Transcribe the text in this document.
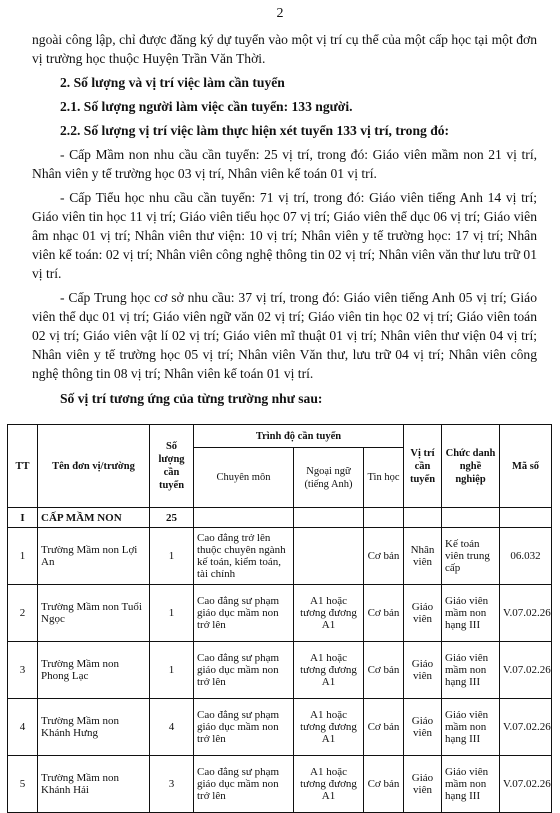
2

ngoài công lập, chỉ được đăng ký dự tuyển vào một vị trí cụ thể của một cấp học tại một đơn vị trường học thuộc Huyện Trần Văn Thời.

2. Số lượng và vị trí việc làm cần tuyển

2.1. Số lượng người làm việc cần tuyển: 133 người.

2.2. Số lượng vị trí việc làm thực hiện xét tuyển 133 vị trí, trong đó:

- Cấp Mầm non nhu cầu cần tuyển: 25 vị trí, trong đó: Giáo viên mầm non 21 vị trí, Nhân viên y tế trường học 03 vị trí, Nhân viên kế toán 01 vị trí.

- Cấp Tiểu học nhu cầu cần tuyển: 71 vị trí, trong đó: Giáo viên tiếng Anh 14 vị trí; Giáo viên tin học 11 vị trí; Giáo viên tiểu học 07 vị trí; Giáo viên thể dục 06 vị trí; Giáo viên âm nhạc 01 vị trí; Nhân viên thư viện: 10 vị trí; Nhân viên y tế trường học: 17 vị trí; Nhân viên kế toán: 02 vị trí; Nhân viên công nghệ thông tin 02 vị trí; Nhân viên văn thư lưu trữ 01 vị trí.

- Cấp Trung học cơ sở nhu cầu: 37 vị trí, trong đó: Giáo viên tiếng Anh 05 vị trí; Giáo viên thể dục 01 vị trí; Giáo viên ngữ văn 02 vị trí; Giáo viên tin học 02 vị trí; Giáo viên toán 02 vị trí; Giáo viên vật lí 02 vị trí; Giáo viên mĩ thuật 01 vị trí; Nhân viên thư viện 04 vị trí; Nhân viên y tế trường học 05 vị trí; Nhân viên Văn thư, lưu trữ 04 vị trí; Nhân viên công nghệ thông tin 08 vị trí; Nhân viên kế toán 01 vị trí.

Số vị trí tương ứng của từng trường như sau:

TT	Tên đơn vị/trường	Số lượng cần tuyển	Trình độ cần tuyển			Vị trí cần tuyển	Chức danh nghề nghiệp	Mã số
			Chuyên môn	Ngoại ngữ (tiếng Anh)	Tin học			
I	CẤP MẦM NON	25						
1	Trường Mầm non Lợi An	1	Cao đẳng trở lên thuộc chuyên ngành kế toán, kiểm toán, tài chính		Cơ bản	Nhân viên	Kế toán viên trung cấp	06.032
2	Trường Mầm non Tuổi Ngọc	1	Cao đẳng sư phạm giáo dục mầm non trở lên	A1 hoặc tương đương A1	Cơ bản	Giáo viên	Giáo viên mầm non hạng III	V.07.02.26
3	Trường Mầm non Phong Lạc	1	Cao đẳng sư phạm giáo dục mầm non trở lên	A1 hoặc tương đương A1	Cơ bản	Giáo viên	Giáo viên mầm non hạng III	V.07.02.26
4	Trường Mầm non Khánh Hưng	4	Cao đẳng sư phạm giáo dục mầm non trở lên	A1 hoặc tương đương A1	Cơ bản	Giáo viên	Giáo viên mầm non hạng III	V.07.02.26
5	Trường Mầm non Khánh Hải	3	Cao đẳng sư phạm giáo dục mầm non trở lên	A1 hoặc tương đương A1	Cơ bản	Giáo viên	Giáo viên mầm non hạng III	V.07.02.26
